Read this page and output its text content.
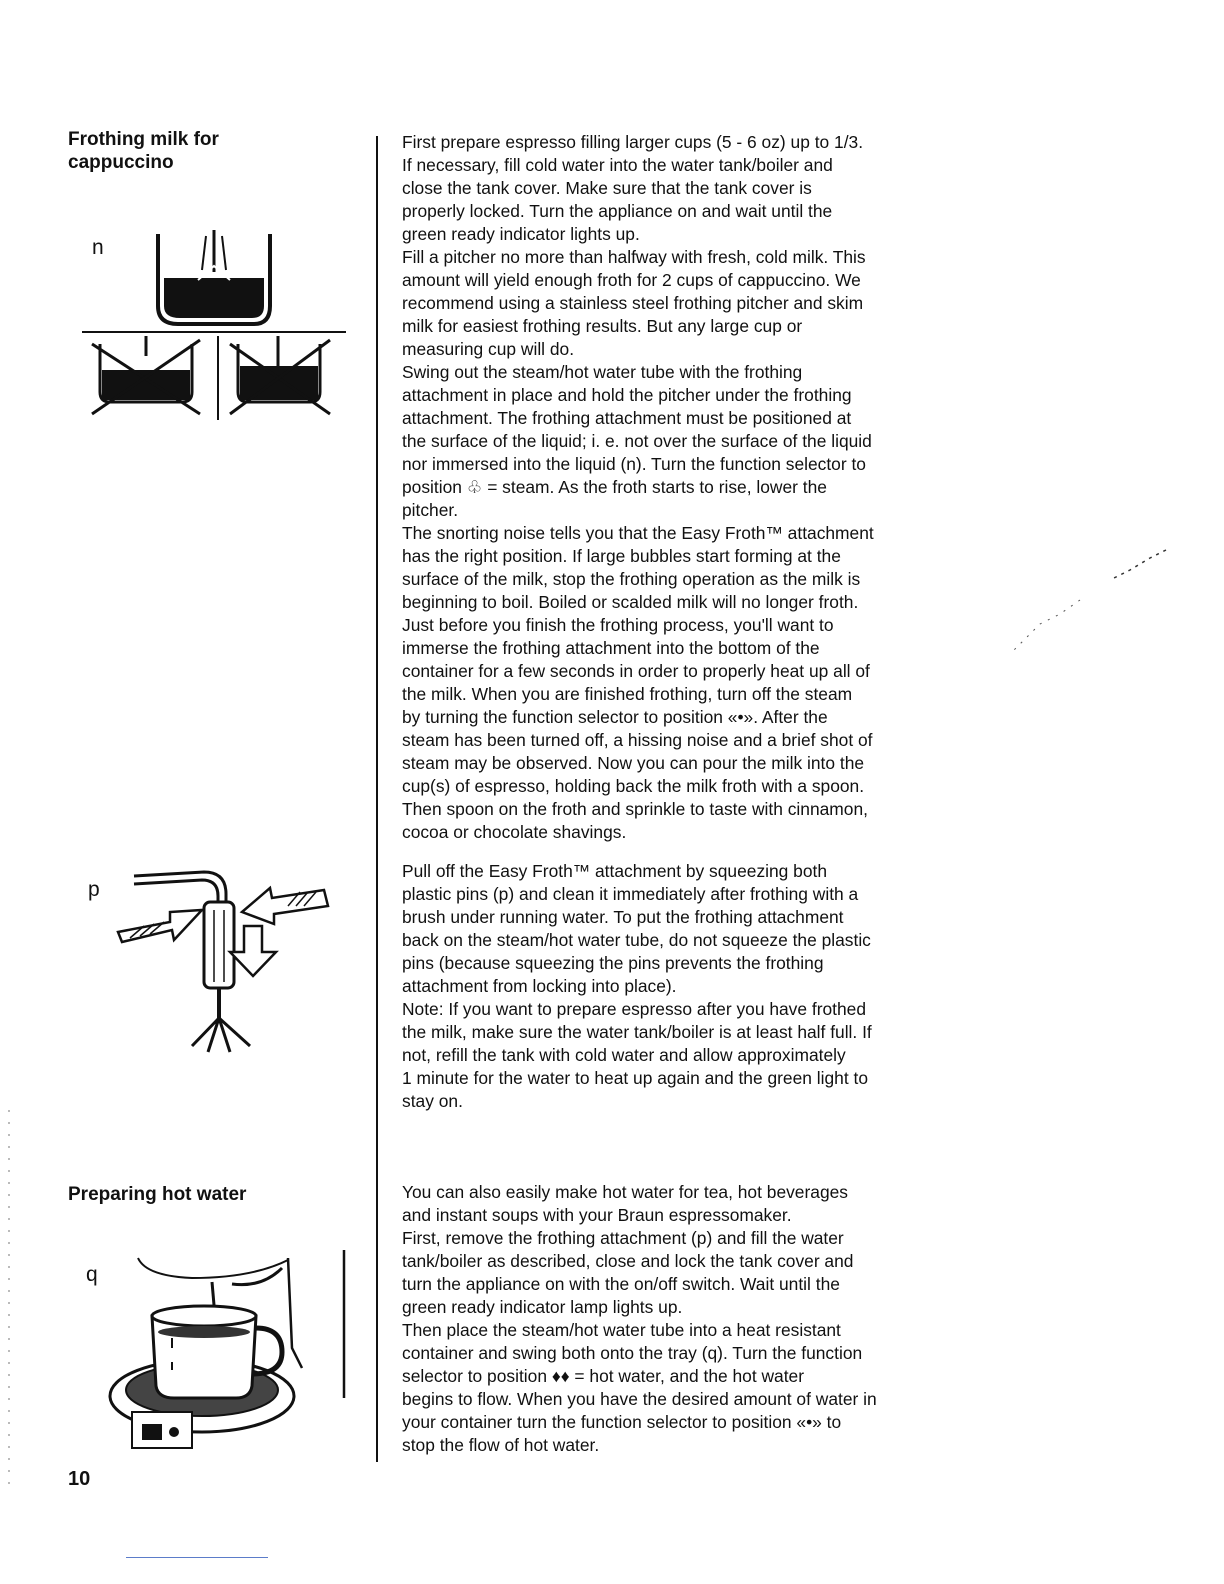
Frothing milk for cappuccino
n
p
Preparing hot water
q

First prepare espresso filling larger cups (5 - 6 oz) up to 1/3.

If necessary, fill cold water into the water tank/boiler and

close the tank cover. Make sure that the tank cover is

properly locked. Turn the appliance on and wait until the

green ready indicator lights up.

Fill a pitcher no more than halfway with fresh, cold milk. This

amount will yield enough froth for 2 cups of cappuccino. We

recommend using a stainless steel frothing pitcher and skim

milk for easiest frothing results. But any large cup or

measuring cup will do.

Swing out the steam/hot water tube with the frothing

attachment in place and hold the pitcher under the frothing

attachment. The frothing attachment must be positioned at

the surface of the liquid; i. e. not over the surface of the liquid

nor immersed into the liquid (n). Turn the function selector to

position ♧ = steam. As the froth starts to rise, lower the

pitcher.

The snorting noise tells you that the Easy Froth™ attachment

has the right position. If large bubbles start forming at the

surface of the milk, stop the frothing operation as the milk is

beginning to boil. Boiled or scalded milk will no longer froth.

Just before you finish the frothing process, you'll want to

immerse the frothing attachment into the bottom of the

container for a few seconds in order to properly heat up all of

the milk. When you are finished frothing, turn off the steam

by turning the function selector to position «•». After the

steam has been turned off, a hissing noise and a brief shot of

steam may be observed. Now you can pour the milk into the

cup(s) of espresso, holding back the milk froth with a spoon.

Then spoon on the froth and sprinkle to taste with cinnamon,

cocoa or chocolate shavings.

Pull off the Easy Froth™ attachment by squeezing both

plastic pins (p) and clean it immediately after frothing with a

brush under running water. To put the frothing attachment

back on the steam/hot water tube, do not squeeze the plastic

pins (because squeezing the pins prevents the frothing

attachment from locking into place).

Note: If you want to prepare espresso after you have frothed

the milk, make sure the water tank/boiler is at least half full. If

not, refill the tank with cold water and allow approximately

1 minute for the water to heat up again and the green light to

stay on.

You can also easily make hot water for tea, hot beverages

and instant soups with your Braun espressomaker.

First, remove the frothing attachment (p) and fill the water

tank/boiler as described, close and lock the tank cover and

turn the appliance on with the on/off switch. Wait until the

green ready indicator lamp lights up.

Then place the steam/hot water tube into a heat resistant

container and swing both onto the tray (q). Turn the function

selector to position ♦♦ = hot water, and the hot water

begins to flow. When you have the desired amount of water in

your container turn the function selector to position «•» to

stop the flow of hot water.

10
